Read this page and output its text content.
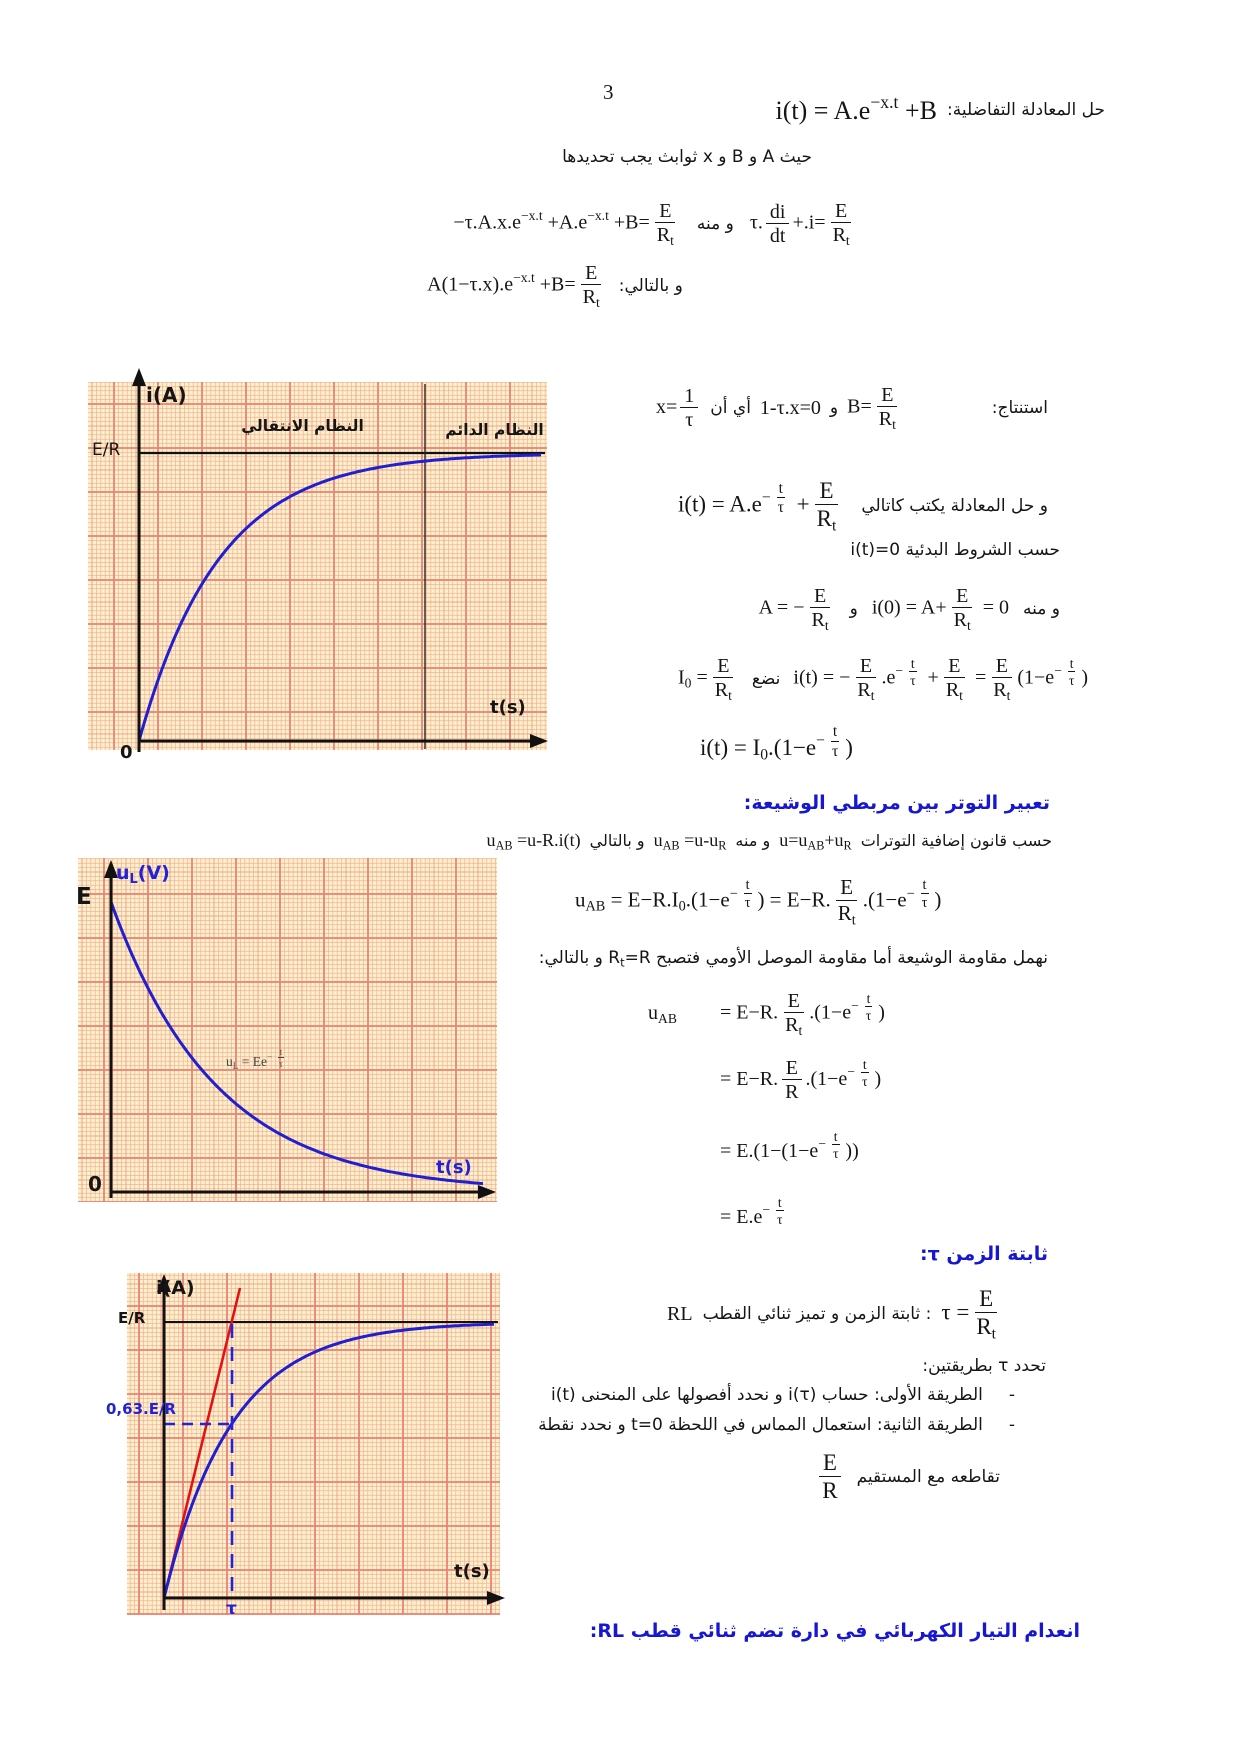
3
حل المعادلة التفاضلية:
$i(t) = A.e^{-x.t} +B$
حيث A و B و x ثوابث يجب تحديدها
τ. $\frac{di}{dt} +.i= \frac{E}{R_t}$
و منه
$-\tau.A.x.e^{-x.t} +A.e^{-x.t} +B= \frac{E}{R_t}$
و بالتالي:
$A(1-\tau.x).e^{-x.t} +B= \frac{E}{R_t}$
i(A)
E/R
النظام الانتقالي	النظام الدائم
t(s)
0
استنتاج:
$B= \frac{E}{R_t}$
و
1-τ.x=0
أي أن
$x= \frac{1}{\tau}$
و حل المعادلة يكتب كاتالي
$i(t) = A.e^{- \frac{t}{\tau}} + \frac{E}{R_t}$
حسب الشروط البدئية i(t)=0
و منه
$i(0) = A+ \frac{E}{R_t} = 0$
و
A = − $\frac{E}{R_t}$
i(t) = − $\frac{E}{R_t} .e^{- \frac{t}{\tau}} + \frac{E}{R_t} = \frac{E}{R_t} (1-e^{- \frac{t}{\tau}}$ )
نضع
$I_0 = \frac{E}{R_t}$
$i(t) = I_0.(1-e^{- \frac{t}{\tau}}$ )
تعبير التوتر بين مربطي الوشيعة:
حسب قانون إضافية التوترات
$u=u_{AB}+u_R$
و منه
$u_{AB} =u-u_R$
و بالتالي
$u_{AB} =u-R.i(t)$
$u_{AB} = E-R.I_0.(1-e^{- \frac{t}{\tau}}$ ) = E−R. $\frac{E}{R_t} .(1-e^{- \frac{t}{\tau}}$ )
نهمل مقاومة الوشيعة أما مقاومة الموصل الأومي فتصبح $R_t=R$ و بالتالي:
$u_{AB}$	= E−R. $\frac{E}{R_t} .(1-e^{- \frac{t}{\tau}}$ )
= E−R. $\frac{E}{R} .(1-e^{- \frac{t}{\tau}}$ )
= $E.(1-(1-e^{- \frac{t}{\tau}}$ ))
= $E.e^{- \frac{t}{\tau}}$
$u_L(V)$
E
$u_L = Ee^{- \frac{t}{\tau}}$
t(s)
0
ثابتة الزمن τ:
$\tau = \frac{E}{R_t}$
: ثابتة الزمن و تميز ثنائي القطب
RL
تحدد τ بطريقتين:
-
الطريقة الأولى: حساب i(τ) و نحدد أفصولها على المنحنى i(t)
-
الطريقة الثانية: استعمال المماس في اللحظة t=0 و نحدد نقطة
تقاطعه مع المستقيم
$\frac{E}{R}$
i(A)
E/R
0,63.E/R
τ
t(s)
انعدام التيار الكهربائي في دارة تضم ثنائي قطب RL:
